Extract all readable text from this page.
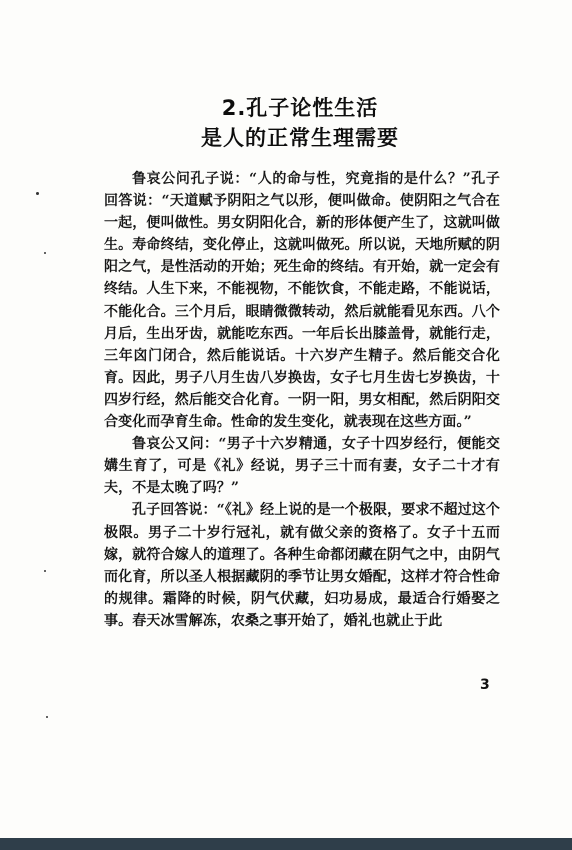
2.孔子论性生活
是人的正常生理需要

鲁哀公问孔子说：“人的命与性，究竟指的是什么？”孔子回答说：“天道赋予阴阳之气以形，便叫做命。使阴阳之气合在一起，便叫做性。男女阴阳化合，新的形体便产生了，这就叫做生。寿命终结，变化停止，这就叫做死。所以说，天地所赋的阴阳之气，是性活动的开始；死生命的终结。有开始，就一定会有终结。人生下来，不能视物，不能饮食，不能走路，不能说话，不能化合。三个月后，眼睛微微转动，然后就能看见东西。八个月后，生出牙齿，就能吃东西。一年后长出膝盖骨，就能行走，三年囟门闭合，然后能说话。十六岁产生精子。然后能交合化育。因此，男子八月生齿八岁换齿，女子七月生齿七岁换齿，十四岁行经，然后能交合化育。一阴一阳，男女相配，然后阴阳交合变化而孕育生命。性命的发生变化，就表现在这些方面。”

鲁哀公又问：“男子十六岁精通，女子十四岁经行，便能交媾生育了，可是《礼》经说，男子三十而有妻，女子二十才有夫，不是太晚了吗？”

孔子回答说：“《礼》经上说的是一个极限，要求不超过这个极限。男子二十岁行冠礼，就有做父亲的资格了。女子十五而嫁，就符合嫁人的道理了。各种生命都闭藏在阴气之中，由阴气而化育，所以圣人根据藏阴的季节让男女婚配，这样才符合性命的规律。霜降的时候，阴气伏藏，妇功易成，最适合行婚娶之事。春天冰雪解冻，农桑之事开始了，婚礼也就止于此

3
